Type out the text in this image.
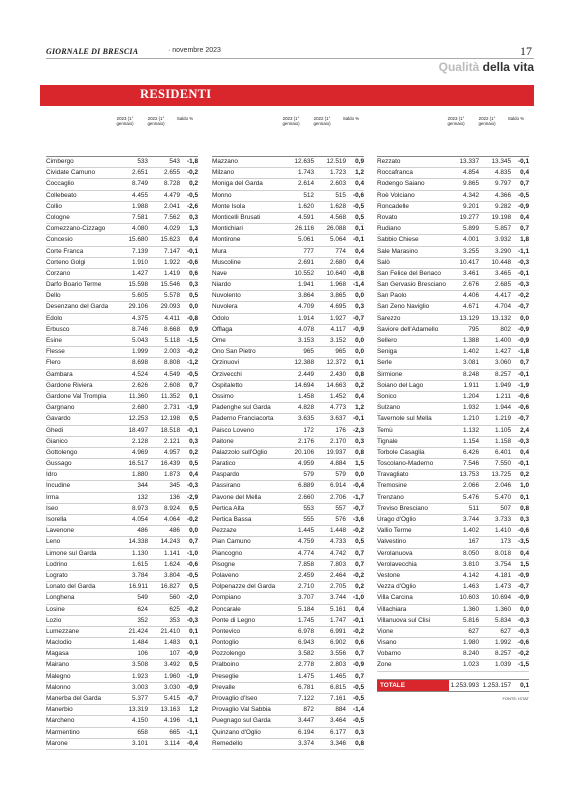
GIORNALE DI BRESCIA	· novembre 2023	17
Qualità della vita
RESIDENTI
2023 (1° gennaio)
2022 (1° gennaio)
Saldo %
Cimbergo	533	543	-1,8
Cividate Camuno	2.651	2.655	-0,2
Coccaglio	8.749	8.728	0,2
Collebeato	4.455	4.479	-0,5
Collio	1.988	2.041	-2,6
Cologne	7.581	7.562	0,3
Comezzano-Cizzago	4.080	4.029	1,3
Concesio	15.680	15.623	0,4
Corte Franca	7.139	7.147	-0,1
Corteno Golgi	1.910	1.922	-0,6
Corzano	1.427	1.419	0,6
Darfo Boario Terme	15.598	15.546	0,3
Dello	5.605	5.578	0,5
Desenzano del Garda	29.106	29.093	0,0
Edolo	4.375	4.411	-0,8
Erbusco	8.746	8.668	0,9
Esine	5.043	5.118	-1,5
Flesse	1.999	2.003	-0,2
Flero	8.698	8.808	-1,2
Gambara	4.524	4.549	-0,5
Gardone Riviera	2.626	2.608	0,7
Gardone Val Trompia	11.360	11.352	0,1
Gargnano	2.680	2.731	-1,9
Gavardo	12.253	12.198	0,5
Ghedi	18.497	18.518	-0,1
Gianico	2.128	2.121	0,3
Gottolengo	4.969	4.957	0,2
Gussago	16.517	16.439	0,5
Idro	1.880	1.873	0,4
Incudine	344	345	-0,3
Irma	132	136	-2,9
Iseo	8.973	8.924	0,5
Isorella	4.054	4.064	-0,2
Lavenone	486	486	0,0
Leno	14.338	14.243	0,7
Limone sul Garda	1.130	1.141	-1,0
Lodrino	1.615	1.624	-0,6
Lograto	3.784	3.804	-0,5
Lonato del Garda	16.911	16.827	0,5
Longhena	549	560	-2,0
Losine	624	625	-0,2
Lozio	352	353	-0,3
Lumezzane	21.424	21.410	0,1
Maclodio	1.484	1.483	0,1
Magasa	106	107	-0,9
Mairano	3.508	3.492	0,5
Malegno	1.923	1.960	-1,9
Malonno	3.003	3.030	-0,9
Manerba del Garda	5.377	5.415	-0,7
Manerbio	13.319	13.163	1,2
Marcheno	4.150	4.196	-1,1
Marmentino	658	665	-1,1
Marone	3.101	3.114	-0,4
2023 (1° gennaio)
2022 (1° gennaio)
Saldo %
Mazzano	12.635	12.519	0,9
Milzano	1.743	1.723	1,2
Moniga del Garda	2.614	2.603	0,4
Monno	512	515	-0,6
Monte Isola	1.620	1.628	-0,5
Monticelli Brusati	4.591	4.568	0,5
Montichiari	26.116	26.088	0,1
Montirone	5.061	5.064	-0,1
Mura	777	774	0,4
Muscoline	2.691	2.680	0,4
Nave	10.552	10.640	-0,8
Niardo	1.941	1.968	-1,4
Nuvolento	3.864	3.865	0,0
Nuvolera	4.709	4.695	0,3
Odolo	1.914	1.927	-0,7
Offlaga	4.078	4.117	-0,9
Ome	3.153	3.152	0,0
Ono San Pietro	965	965	0,0
Orzinuovi	12.388	12.372	0,1
Orzivecchi	2.449	2.430	0,8
Ospitaletto	14.694	14.663	0,2
Ossimo	1.458	1.452	0,4
Padenghe sul Garda	4.828	4.773	1,2
Paderno Franciacorta	3.635	3.637	-0,1
Paisco Loveno	172	176	-2,3
Paitone	2.176	2.170	0,3
Palazzolo sull'Oglio	20.106	19.937	0,8
Paratico	4.959	4.884	1,5
Paspardo	579	579	0,0
Passirano	6.889	6.914	-0,4
Pavone del Mella	2.660	2.706	-1,7
Pertica Alta	553	557	-0,7
Pertica Bassa	555	576	-3,6
Pezzaze	1.445	1.448	-0,2
Pian Camuno	4.759	4.733	0,5
Piancogno	4.774	4.742	0,7
Pisogne	7.858	7.803	0,7
Polaveno	2.459	2.464	-0,2
Polpenazze del Garda	2.710	2.705	0,2
Pompiano	3.707	3.744	-1,0
Poncarale	5.184	5.161	0,4
Ponte di Legno	1.745	1.747	-0,1
Pontevico	6.978	6.991	-0,2
Pontoglio	6.943	6.902	0,6
Pozzolengo	3.582	3.556	0,7
Pralboino	2.778	2.803	-0,9
Preseglie	1.475	1.465	0,7
Prevalle	6.781	6.815	-0,5
Provaglio d'Iseo	7.122	7.161	-0,5
Provaglio Val Sabbia	872	884	-1,4
Puegnago sul Garda	3.447	3.464	-0,5
Quinzano d'Oglio	6.194	6.177	0,3
Remedello	3.374	3.346	0,8
2023 (1° gennaio)
2022 (1° gennaio)
Saldo %
Rezzato	13.337	13.345	-0,1
Roccafranca	4.854	4.835	0,4
Rodengo Saiano	9.865	9.797	0,7
Roè Volciano	4.342	4.366	-0,5
Roncadelle	9.201	9.282	-0,9
Rovato	19.277	19.198	0,4
Rudiano	5.899	5.857	0,7
Sabbio Chiese	4.001	3.932	1,8
Sale Marasino	3.255	3.290	-1,1
Salò	10.417	10.448	-0,3
San Felice del Benaco	3.461	3.465	-0,1
San Gervasio Bresciano	2.676	2.685	-0,3
San Paolo	4.406	4.417	-0,2
San Zeno Naviglio	4.671	4.704	-0,7
Sarezzo	13.129	13.132	0,0
Saviore dell'Adamello	795	802	-0,9
Sellero	1.388	1.400	-0,9
Seniga	1.402	1.427	-1,8
Serle	3.081	3.060	0,7
Sirmione	8.248	8.257	-0,1
Soiano del Lago	1.911	1.949	-1,9
Sonico	1.204	1.211	-0,6
Sulzano	1.932	1.944	-0,6
Tavernole sul Mella	1.210	1.219	-0,7
Temù	1.132	1.105	2,4
Tignale	1.154	1.158	-0,3
Torbole Casaglia	6.426	6.401	0,4
Toscolano-Maderno	7.546	7.550	-0,1
Travagliato	13.753	13.725	0,2
Tremosine	2.066	2.046	1,0
Trenzano	5.476	5.470	0,1
Treviso Bresciano	511	507	0,8
Urago d'Oglio	3.744	3.733	0,3
Vallio Terme	1.402	1.410	-0,6
Valvestino	167	173	-3,5
Verolanuova	8.050	8.018	0,4
Verolavecchia	3.810	3.754	1,5
Vestone	4.142	4.181	-0,9
Vezza d'Oglio	1.463	1.473	-0,7
Villa Carcina	10.603	10.694	-0,9
Villachiara	1.360	1.360	0,0
Villanuova sul Clisi	5.816	5.834	-0,3
Vione	627	627	-0,3
Visano	1.980	1.992	-0,6
Vobarno	8.240	8.257	-0,2
Zone	1.023	1.039	-1,5
TOTALE	1.253.993 1.253.157	0,1
FONTE: ISTAT
